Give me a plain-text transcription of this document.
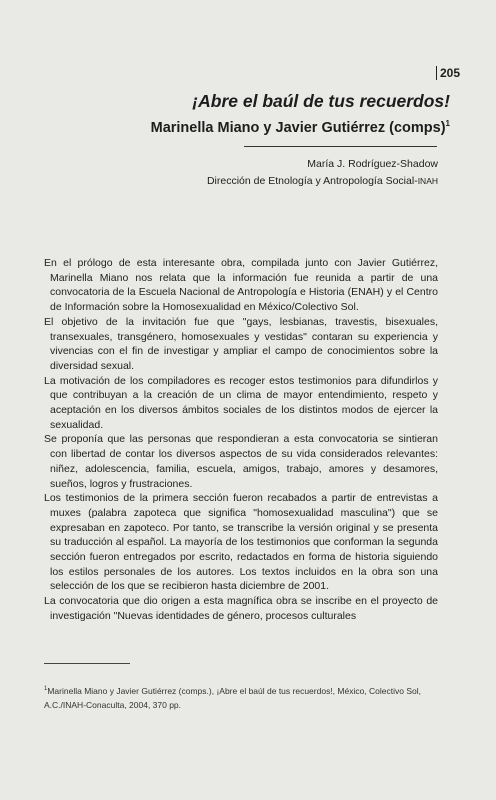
205
¡Abre el baúl de tus recuerdos!
Marinella Miano y Javier Gutiérrez (comps)$^1$
María J. Rodríguez-Shadow
Dirección de Etnología y Antropología Social-INAH

En el prólogo de esta interesante obra, compilada junto con Javier Gutiérrez, Marinella Miano nos relata que la información fue reunida a partir de una convocatoria de la Escuela Nacional de Antropología e Historia (ENAH) y el Centro de Información sobre la Homosexualidad en México/Colectivo Sol.

El objetivo de la invitación fue que "gays, lesbianas, travestis, bisexuales, transexuales, transgénero, homosexuales y vestidas" contaran su experiencia y vivencias con el fin de investigar y ampliar el campo de conocimientos sobre la diversidad sexual.

La motivación de los compiladores es recoger estos testimonios para difundirlos y que contribuyan a la creación de un clima de mayor entendimiento, respeto y aceptación en los diversos ámbitos sociales de los distintos modos de ejercer la sexualidad.

Se proponía que las personas que respondieran a esta convocatoria se sintieran con libertad de contar los diversos aspectos de su vida considerados relevantes: niñez, adolescencia, familia, escuela, amigos, trabajo, amores y desamores, sueños, logros y frustraciones.

Los testimonios de la primera sección fueron recabados a partir de entrevistas a muxes (palabra zapoteca que significa "homosexualidad masculina") que se expresaban en zapoteco. Por tanto, se transcribe la versión original y se presenta su traducción al español. La mayoría de los testimonios que conforman la segunda sección fueron entregados por escrito, redactados en forma de historia siguiendo los estilos personales de los autores. Los textos incluidos en la obra son una selección de los que se recibieron hasta diciembre de 2001.

La convocatoria que dio origen a esta magnífica obra se inscribe en el proyecto de investigación "Nuevas identidades de género, procesos culturales

$^1$Marinella Miano y Javier Gutiérrez (comps.), ¡Abre el baúl de tus recuerdos!, México, Colectivo Sol, A.C./INAH-Conaculta, 2004, 370 pp.
